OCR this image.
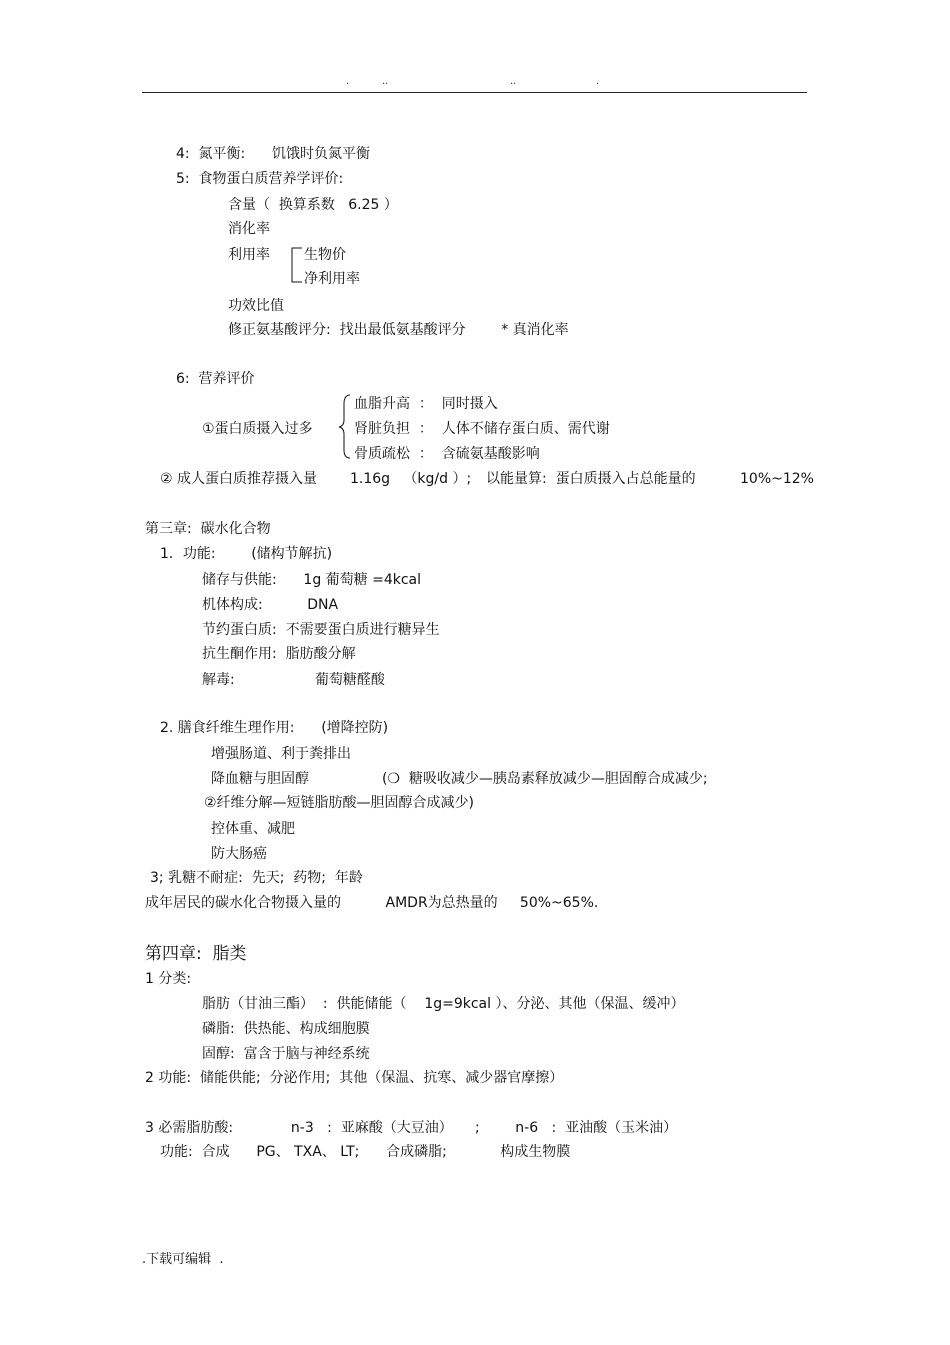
.	..	..	.
4:  氮平衡:      饥饿时负氮平衡
5:  食物蛋白质营养学评价:
含量（  换算系数   6.25 ）
消化率
利用率 生物价
净利用率
功效比值
修正氨基酸评分:  找出最低氨基酸评分        * 真消化率
6:  营养评价
①蛋白质摄入过多
血脂升高  ：  同时摄入
肾脏负担  ：  人体不储存蛋白质、需代谢
骨质疏松  ：  含硫氨基酸影响
② 成人蛋白质推荐摄入量 1.16g   （kg/d ）; 以能量算:  蛋白质摄入占总能量的	10%~12%
第三章:  碳水化合物
1．功能:        (储构节解抗)
储存与供能:      1g 葡萄糖 =4kcal
机体构成:          DNA
节约蛋白质:  不需要蛋白质进行糖异生
抗生酮作用:  脂肪酸分解
解毒:                  葡萄糖醛酸
2. 膳食纤维生理作用:      (增降控防)
增强肠道、利于粪排出
降血糖与胆固醇	(❍  糖吸收减少—胰岛素释放减少—胆固醇合成减少;
②纤维分解—短链脂肪酸—胆固醇合成减少)
控体重、减肥
防大肠癌
3; 乳糖不耐症:  先天;  药物;  年龄
成年居民的碳水化合物摄入量的          AMDR为总热量的     50%~65%.
第四章:  脂类
1 分类:
脂肪（甘油三酯）  :  供能储能（    1g=9kcal ）、分泌、其他（保温、缓冲）
磷脂:  供热能、构成细胞膜
固醇:  富含于脑与神经系统
2 功能:  储能供能;  分泌作用;  其他（保温、抗寒、减少器官摩擦）
3 必需脂肪酸:             n-3   :  亚麻酸（大豆油）     ;        n-6   :  亚油酸（玉米油）
功能:  合成      PG、 TXA、 LT;      合成磷脂;            构成生物膜
.下载可编辑  .
